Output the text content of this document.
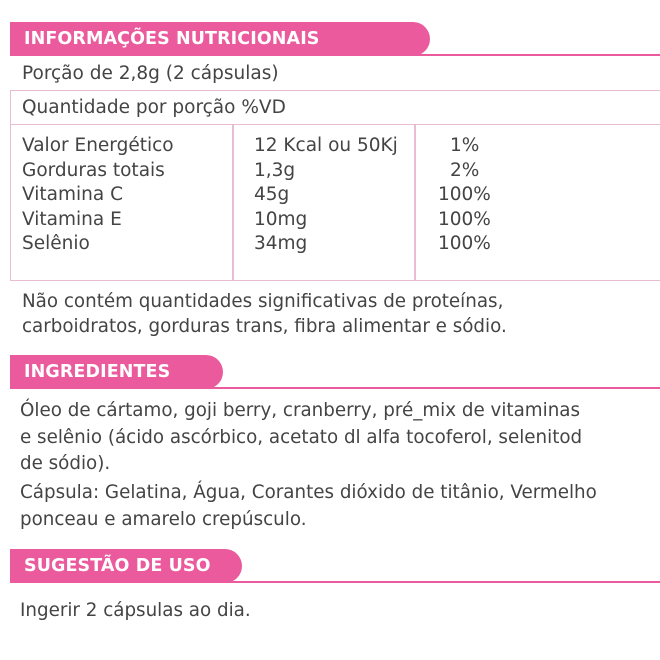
INFORMAÇÕES NUTRICIONAIS
Porção de 2,8g (2 cápsulas)
Quantidade por porção %VD
Valor Energético	12 Kcal ou 50Kj	1%
Gorduras totais	1,3g	2%
Vitamina C	45g	100%
Vitamina E	10mg	100%
Selênio	34mg	100%
Não contém quantidades significativas de proteínas,
carboidratos, gorduras trans, fibra alimentar e sódio.
INGREDIENTES
Óleo de cártamo, goji berry, cranberry, pré_mix de vitaminas
e selênio (ácido ascórbico, acetato dl alfa tocoferol, selenitod
de sódio).
Cápsula: Gelatina, Água, Corantes dióxido de titânio, Vermelho
ponceau e amarelo crepúsculo.
SUGESTÃO DE USO
Ingerir 2 cápsulas ao dia.
